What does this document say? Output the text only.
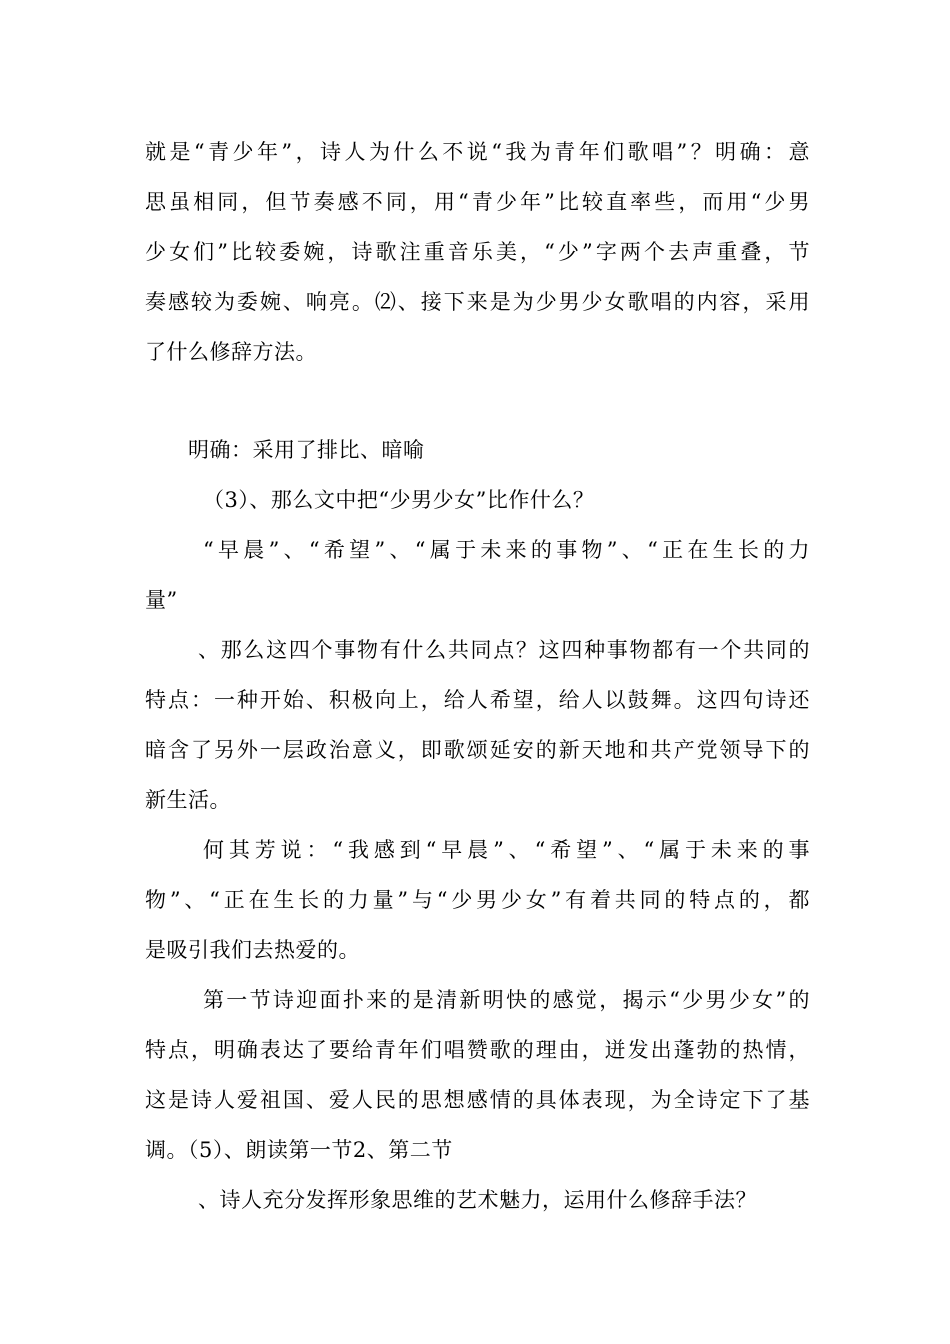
就是“青少年”，诗人为什么不说“我为青年们歌唱”？明确：意
思虽相同，但节奏感不同，用“青少年”比较直率些，而用“少男
少女们”比较委婉，诗歌注重音乐美，“少”字两个去声重叠，节
奏感较为委婉、响亮。⑵、接下来是为少男少女歌唱的内容，采用
了什么修辞方法。
明确：采用了排比、暗喻
（3）、那么文中把“少男少女”比作什么？
“早晨”、“希望”、“属于未来的事物”、“正在生长的力
量”
、那么这四个事物有什么共同点？这四种事物都有一个共同的
特点：一种开始、积极向上，给人希望，给人以鼓舞。这四句诗还
暗含了另外一层政治意义，即歌颂延安的新天地和共产党领导下的
新生活。
何其芳说：“我感到“早晨”、“希望”、“属于未来的事
物”、“正在生长的力量”与“少男少女”有着共同的特点的，都
是吸引我们去热爱的。
第一节诗迎面扑来的是清新明快的感觉，揭示“少男少女”的
特点，明确表达了要给青年们唱赞歌的理由，迸发出蓬勃的热情，
这是诗人爱祖国、爱人民的思想感情的具体表现，为全诗定下了基
调。（5）、朗读第一节2、第二节
、诗人充分发挥形象思维的艺术魅力，运用什么修辞手法？
